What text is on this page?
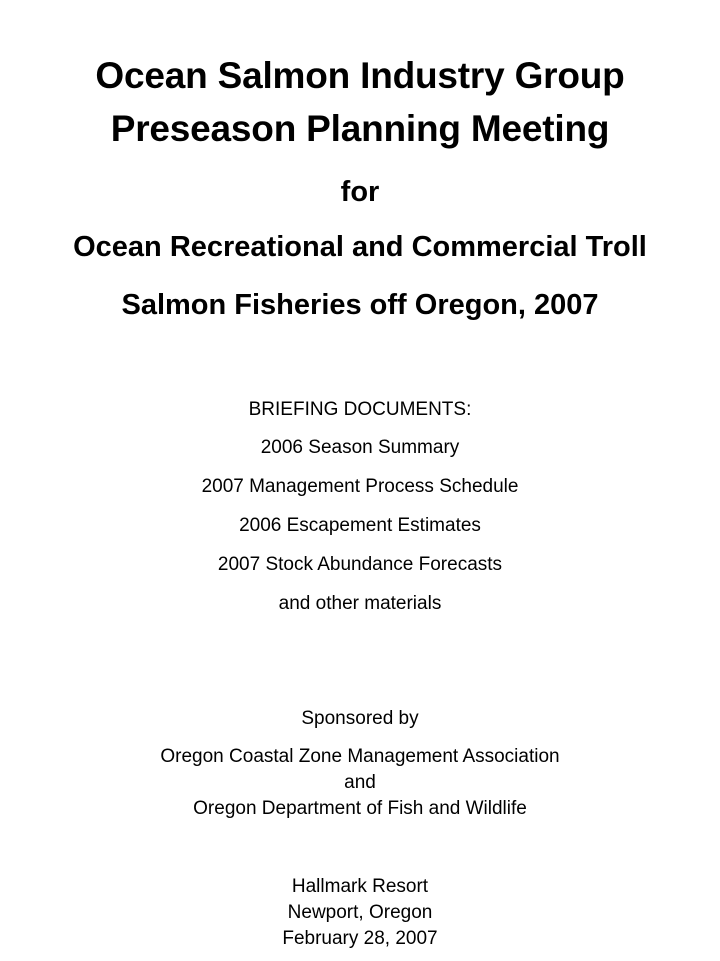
Ocean Salmon Industry Group
Preseason Planning Meeting
for
Ocean Recreational and Commercial Troll
Salmon Fisheries off Oregon, 2007
BRIEFING DOCUMENTS:
2006 Season Summary
2007 Management Process Schedule
2006 Escapement Estimates
2007 Stock Abundance Forecasts
and other materials
Sponsored by
Oregon Coastal Zone Management Association
and
Oregon Department of Fish and Wildlife
Hallmark Resort
Newport, Oregon
February 28, 2007
